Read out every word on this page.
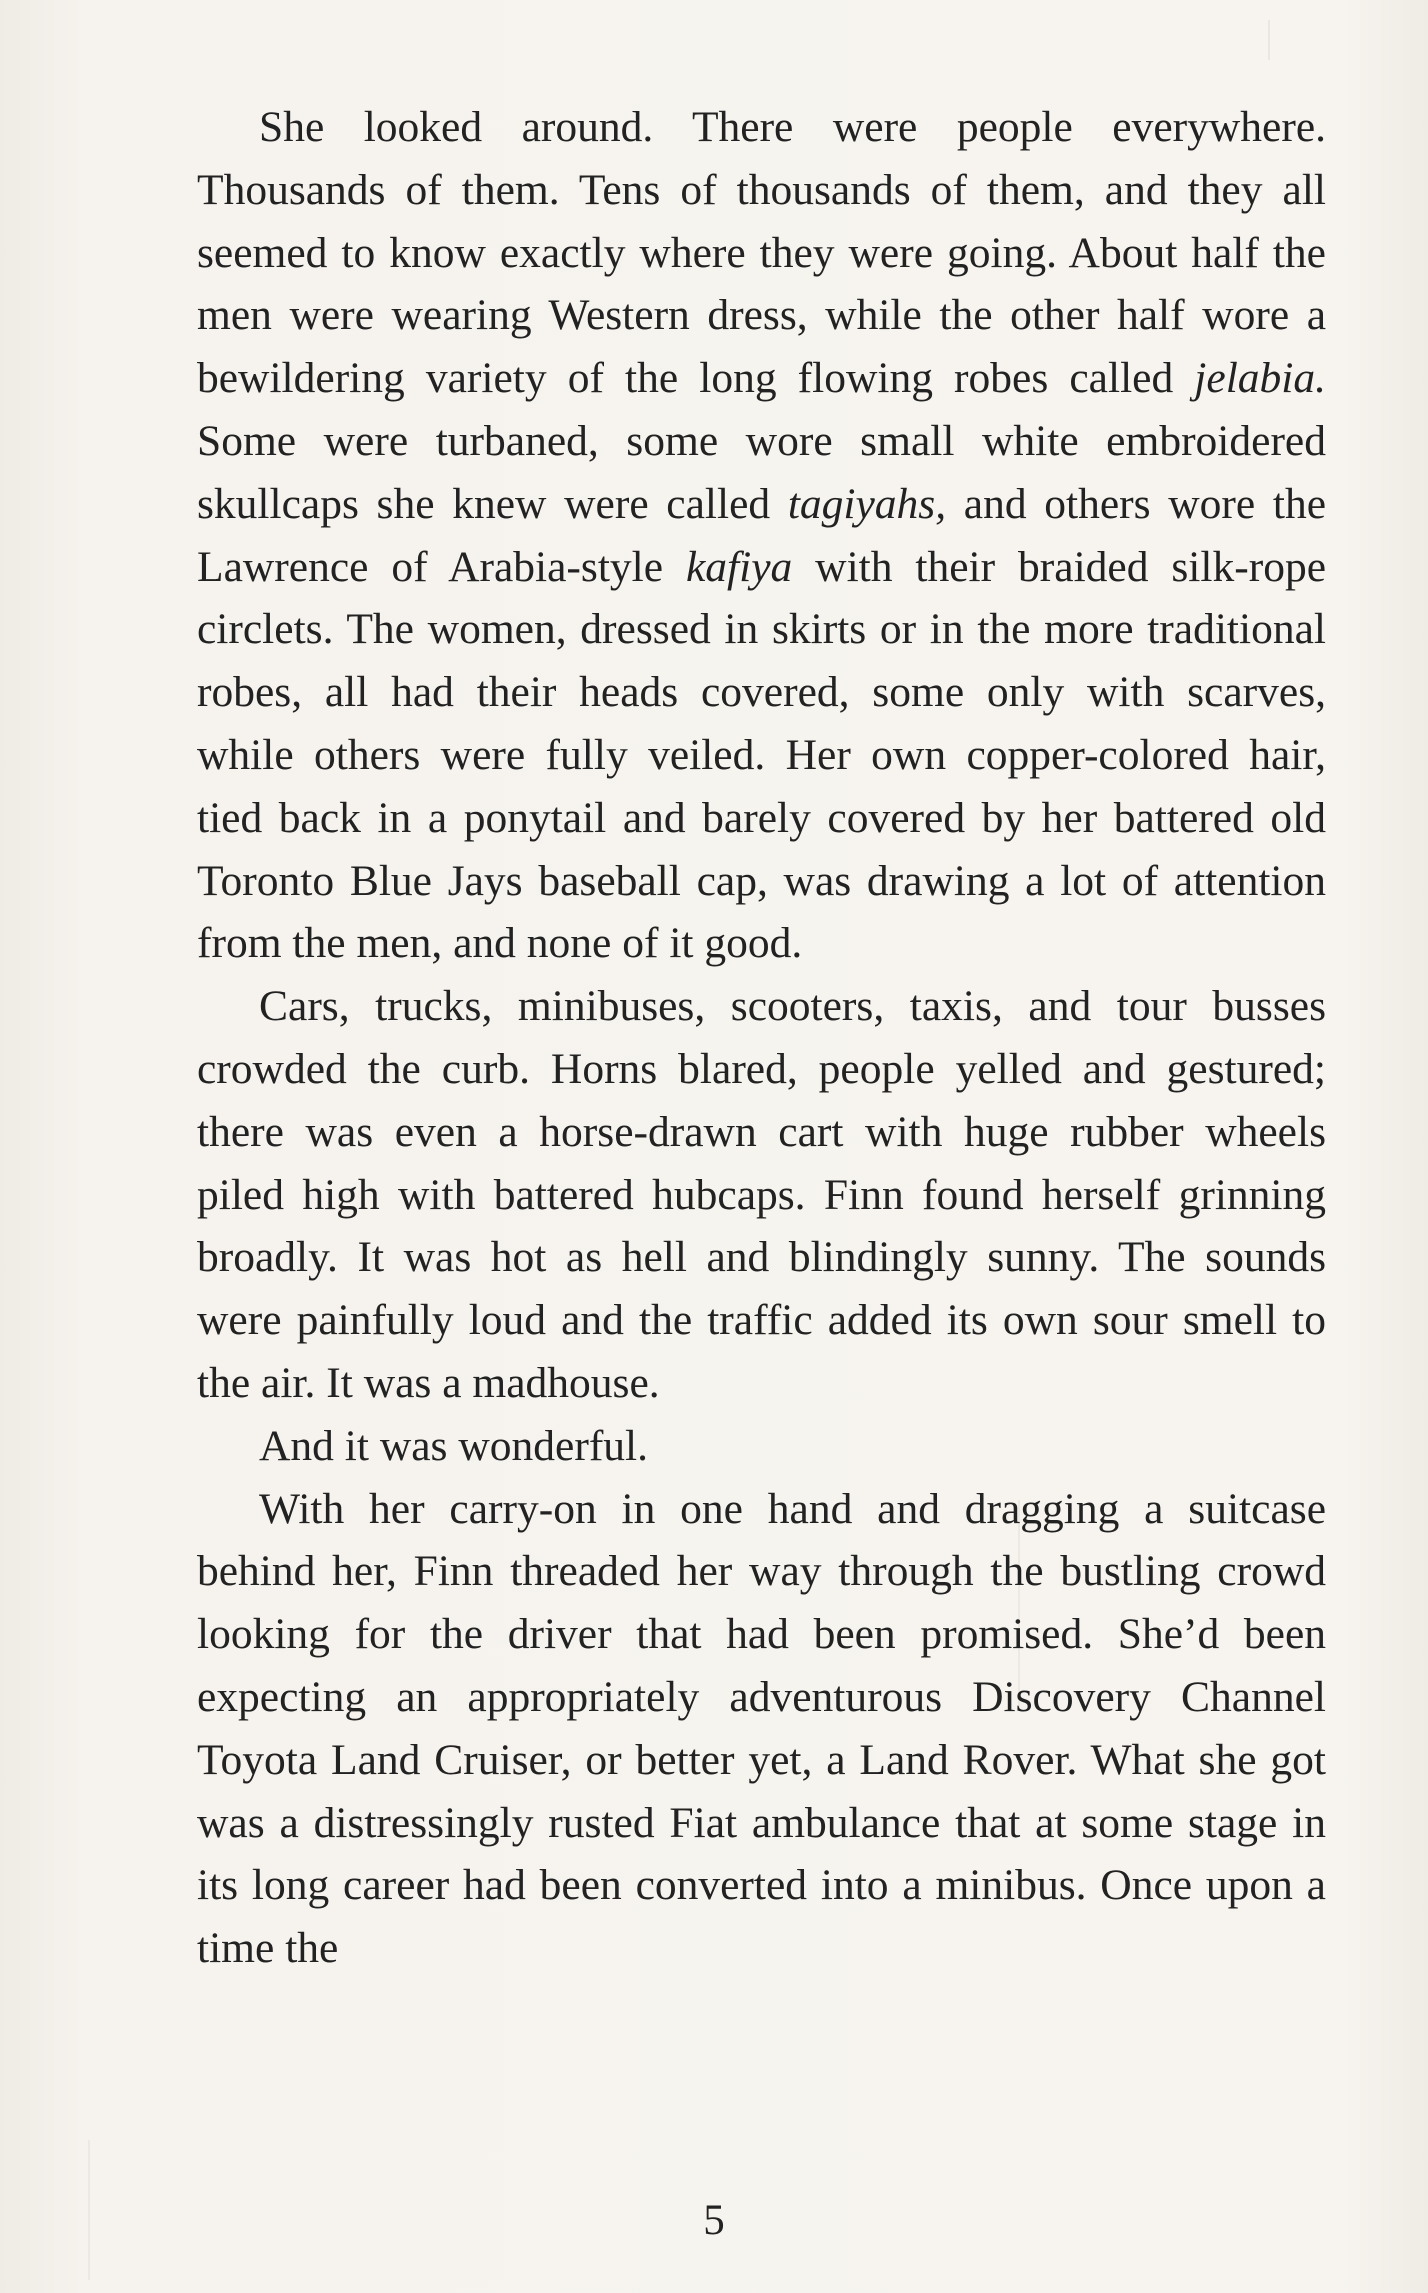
She looked around. There were people everywhere. Thousands of them. Tens of thousands of them, and they all seemed to know exactly where they were going. About half the men were wearing Western dress, while the other half wore a bewildering variety of the long flowing robes called jelabia. Some were turbaned, some wore small white embroidered skullcaps she knew were called tagiyahs, and others wore the Lawrence of Arabia-style kafiya with their braided silk-rope circlets. The women, dressed in skirts or in the more traditional robes, all had their heads covered, some only with scarves, while others were fully veiled. Her own copper-colored hair, tied back in a ponytail and barely covered by her battered old Toronto Blue Jays baseball cap, was drawing a lot of attention from the men, and none of it good.

Cars, trucks, minibuses, scooters, taxis, and tour busses crowded the curb. Horns blared, people yelled and gestured; there was even a horse-drawn cart with huge rubber wheels piled high with battered hubcaps. Finn found herself grinning broadly. It was hot as hell and blindingly sunny. The sounds were painfully loud and the traffic added its own sour smell to the air. It was a madhouse.

And it was wonderful.

With her carry-on in one hand and dragging a suitcase behind her, Finn threaded her way through the bustling crowd looking for the driver that had been promised. She’d been expecting an appropriately adventurous Discovery Channel Toyota Land Cruiser, or better yet, a Land Rover. What she got was a distressingly rusted Fiat ambulance that at some stage in its long career had been converted into a minibus. Once upon a time the

5
